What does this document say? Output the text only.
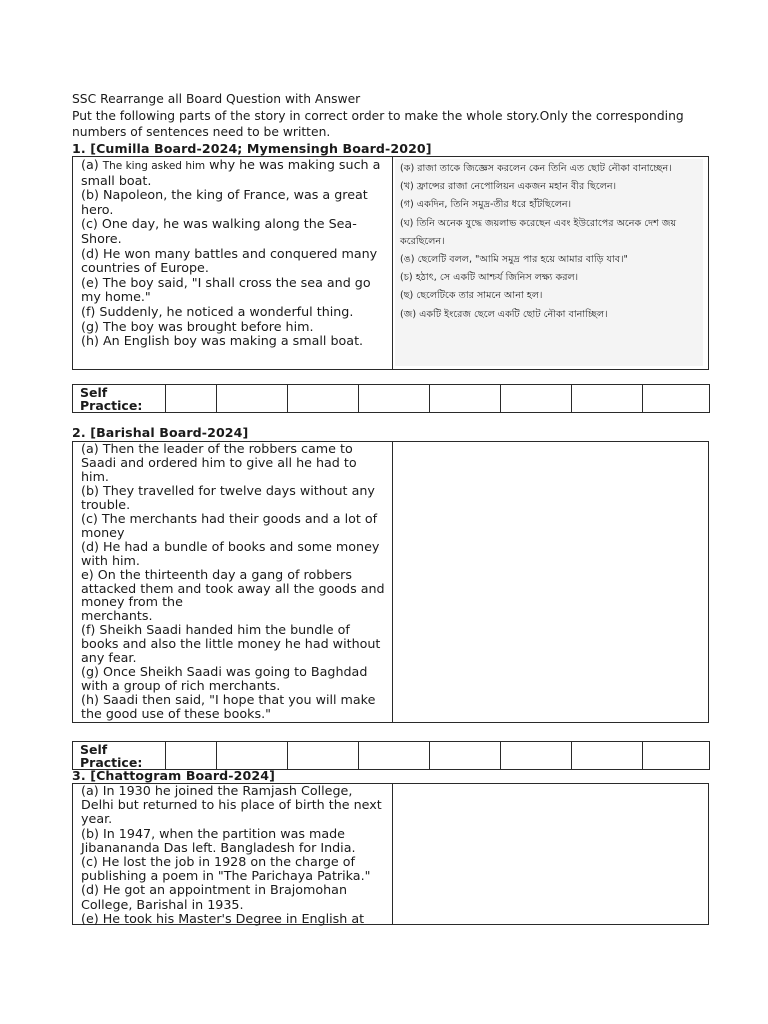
SSC Rearrange all Board Question with Answer
Put the following parts of the story in correct order to make the whole story.Only the corresponding numbers of sentences need to be written.
1. [Cumilla Board-2024; Mymensingh Board-2020]
(a) The king asked him why he was making such a small boat.
(b) Napoleon, the king of France, was a great hero.
(c) One day, he was walking along the Sea-Shore.
(d) He won many battles and conquered many countries of Europe.
(e) The boy said, "I shall cross the sea and go my home."
(f) Suddenly, he noticed a wonderful thing.
(g) The boy was brought before him.
(h) An English boy was making a small boat.
(ক) রাজা তাকে জিজ্ঞেস করলেন কেন তিনি এত ছোট নৌকা বানাচ্ছেন।
(খ) ফ্রান্সের রাজা নেপোলিয়ন একজন মহান বীর ছিলেন।
(গ) একদিন, তিনি সমুদ্র-তীর ধরে হাঁটছিলেন।
(ঘ) তিনি অনেক যুদ্ধে জয়লাভ করেছেন এবং ইউরোপের অনেক দেশ জয় করেছিলেন।
(ঙ) ছেলেটি বলল, "আমি সমুদ্র পার হয়ে আমার বাড়ি যাব।"
(চ) হঠাৎ, সে একটি আশ্চর্য জিনিস লক্ষ্য করল।
(ছ) ছেলেটিকে তার সামনে আনা হল।
(জ) একটি ইংরেজ ছেলে একটি ছোট নৌকা বানাচ্ছিল।
Self Practice:
2. [Barishal Board-2024]
(a) Then the leader of the robbers came to Saadi and ordered him to give all he had to him.
(b) They travelled for twelve days without any trouble.
(c) The merchants had their goods and a lot of money
(d) He had a bundle of books and some money with him.
e) On the thirteenth day a gang of robbers attacked them and took away all the goods and money from the
merchants.
(f) Sheikh Saadi handed him the bundle of books and also the little money he had without any fear.
(g) Once Sheikh Saadi was going to Baghdad with a group of rich merchants.
(h) Saadi then said, "I hope that you will make the good use of these books."
Self Practice:
3. [Chattogram Board-2024]
(a) In 1930 he joined the Ramjash College, Delhi but returned to his place of birth the next year.
(b) In 1947, when the partition was made Jibanananda Das left. Bangladesh for India.
(c) He lost the job in 1928 on the charge of publishing a poem in "The Parichaya Patrika."
(d) He got an appointment in Brajomohan College, Barishal in 1935.
(e) He took his Master's Degree in English at
